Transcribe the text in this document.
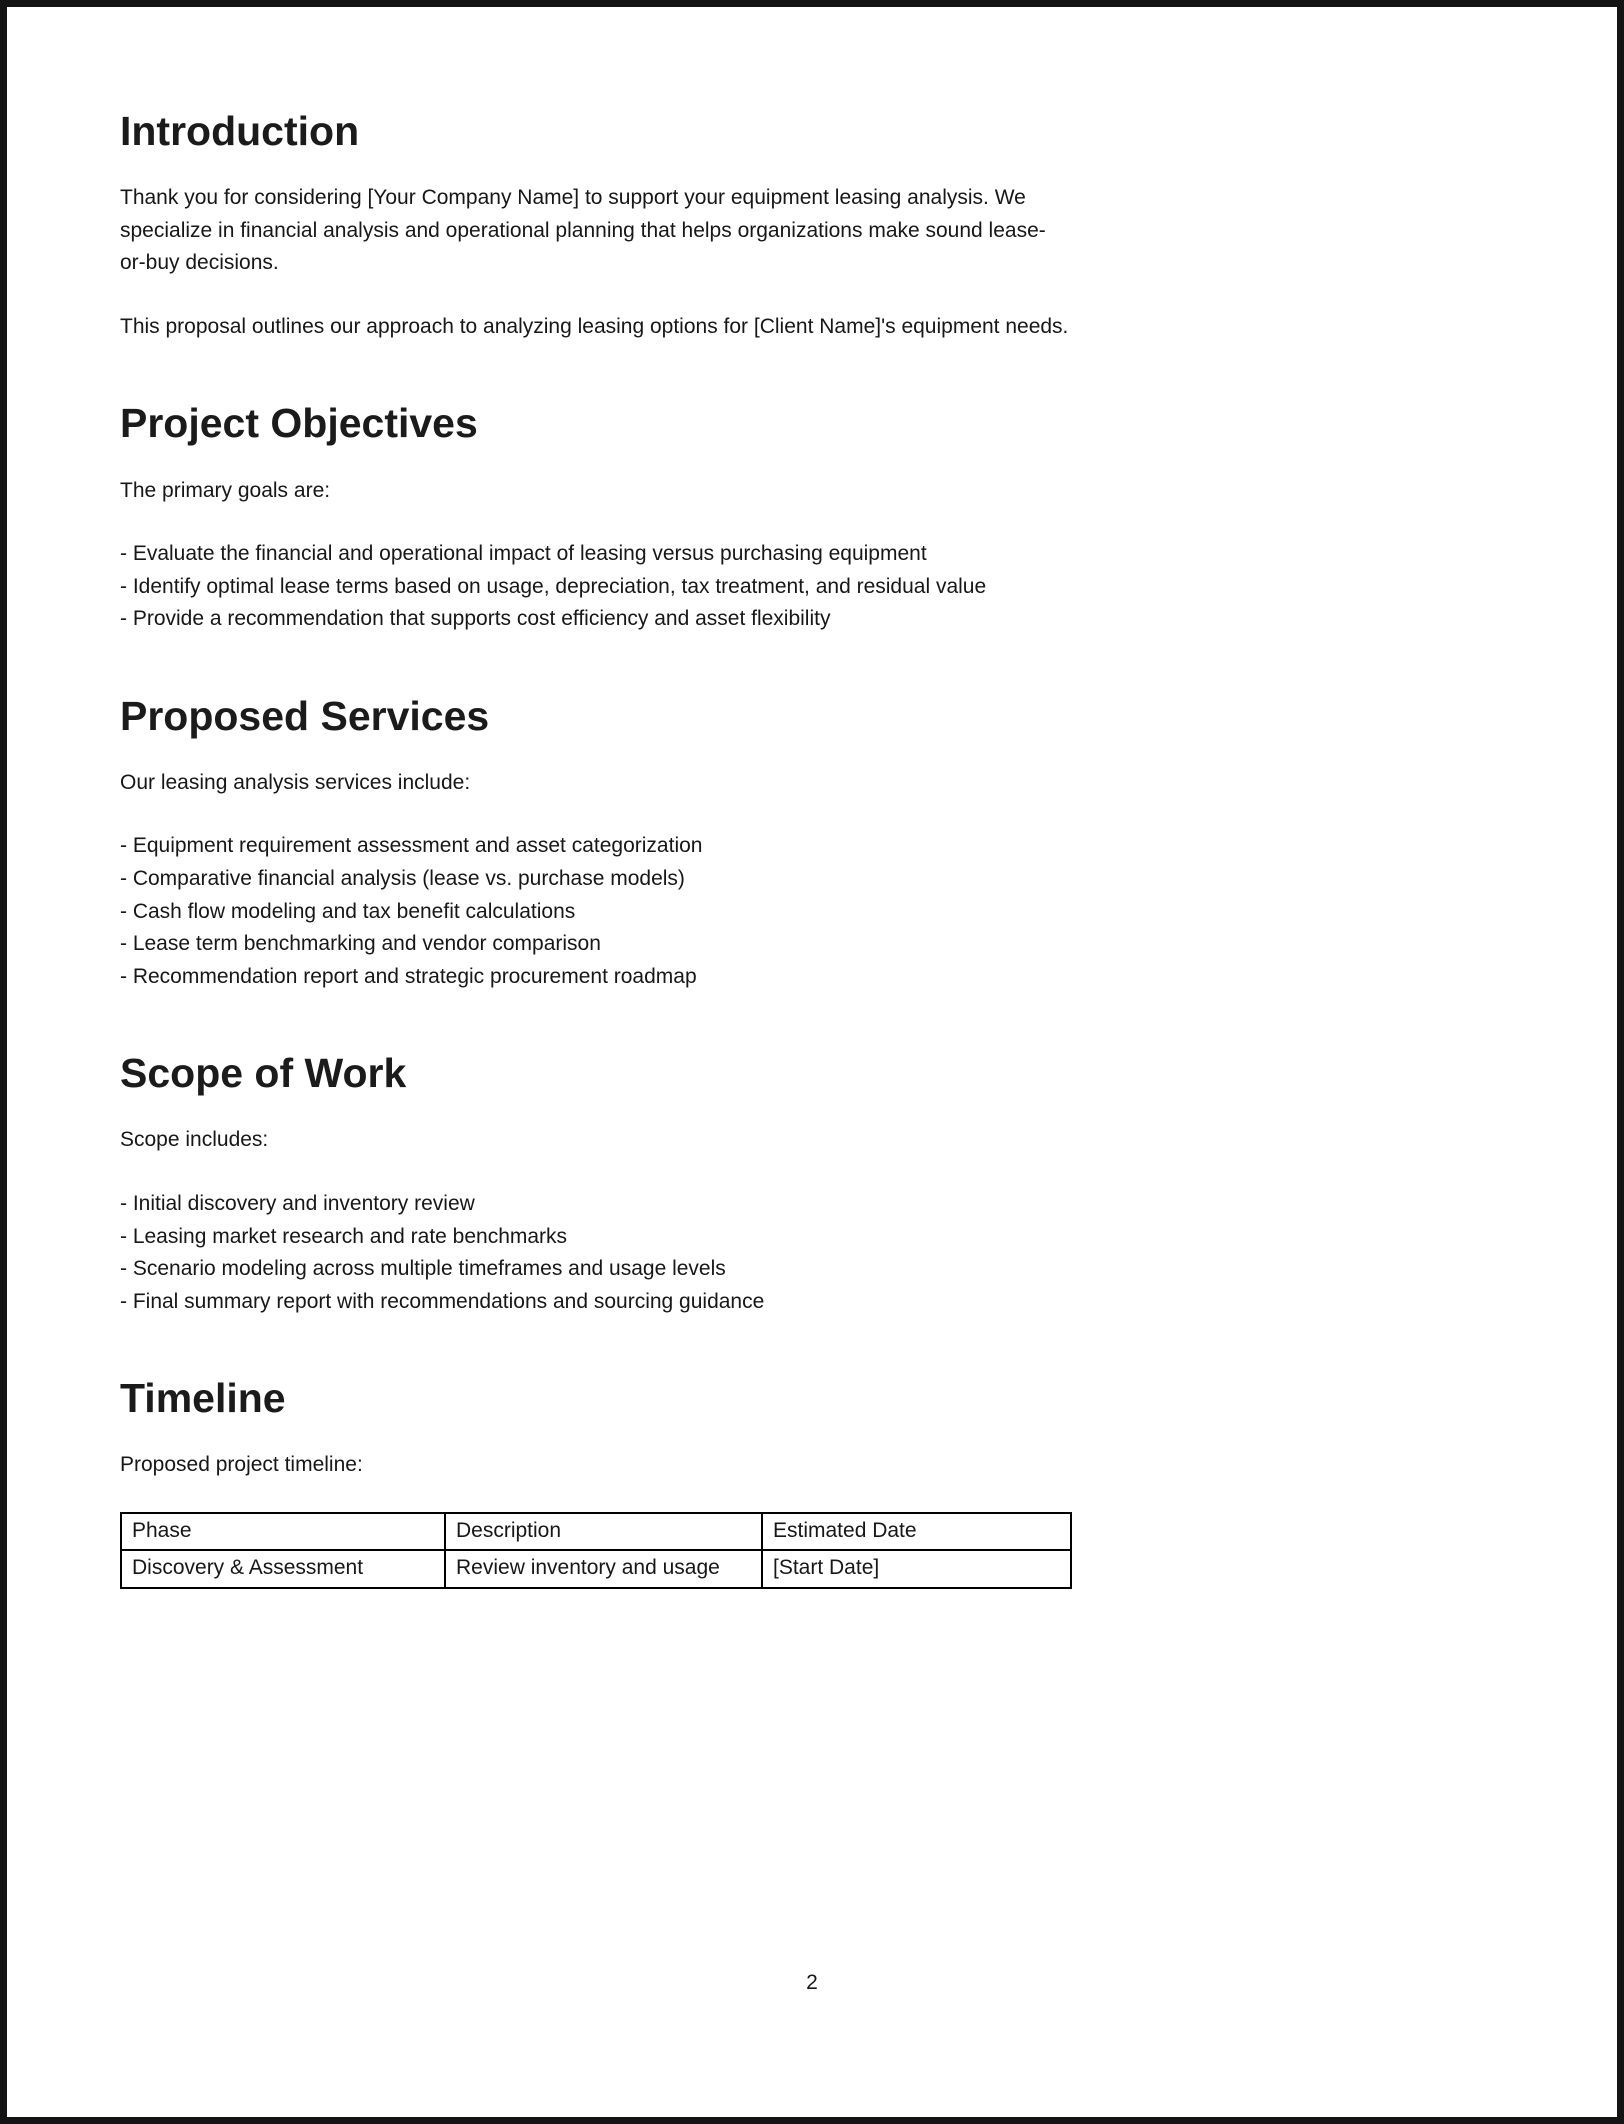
Introduction

Thank you for considering [Your Company Name] to support your equipment leasing analysis. We specialize in financial analysis and operational planning that helps organizations make sound lease-or-buy decisions.

This proposal outlines our approach to analyzing leasing options for [Client Name]'s equipment needs.

Project Objectives

The primary goals are:

- Evaluate the financial and operational impact of leasing versus purchasing equipment

- Identify optimal lease terms based on usage, depreciation, tax treatment, and residual value

- Provide a recommendation that supports cost efficiency and asset flexibility

Proposed Services

Our leasing analysis services include:

- Equipment requirement assessment and asset categorization

- Comparative financial analysis (lease vs. purchase models)

- Cash flow modeling and tax benefit calculations

- Lease term benchmarking and vendor comparison

- Recommendation report and strategic procurement roadmap

Scope of Work

Scope includes:

- Initial discovery and inventory review

- Leasing market research and rate benchmarks

- Scenario modeling across multiple timeframes and usage levels

- Final summary report with recommendations and sourcing guidance

Timeline

Proposed project timeline:

Phase	Description	Estimated Date
Discovery & Assessment	Review inventory and usage	[Start Date]
2
